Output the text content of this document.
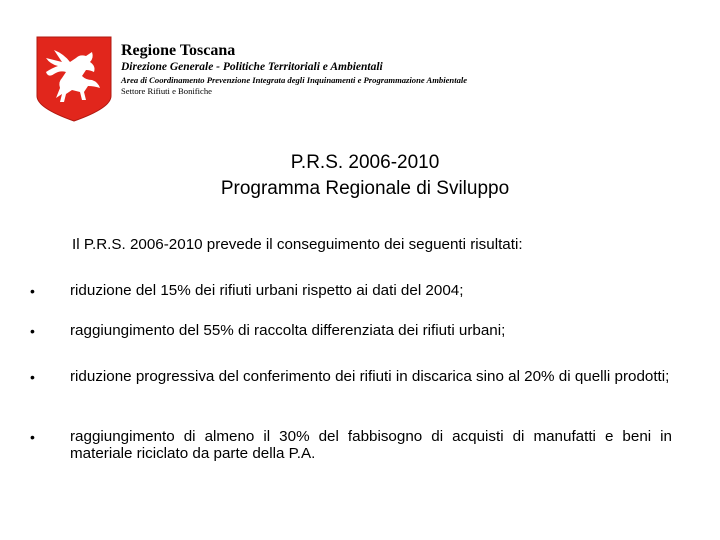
Regione Toscana
Direzione Generale - Politiche Territoriali e Ambientali
Area di Coordinamento Prevenzione Integrata degli Inquinamenti e Programmazione Ambientale
Settore Rifiuti e Bonifiche
P.R.S. 2006-2010
Programma Regionale di Sviluppo
Il P.R.S. 2006-2010 prevede il conseguimento dei seguenti risultati:
• riduzione del 15% dei rifiuti urbani rispetto ai dati del 2004;
• raggiungimento del 55% di raccolta differenziata dei rifiuti urbani;
• riduzione progressiva del conferimento dei rifiuti in discarica sino al 20% di quelli prodotti;
• raggiungimento di almeno il 30% del fabbisogno di acquisti di manufatti e beni in materiale riciclato da parte della P.A.
